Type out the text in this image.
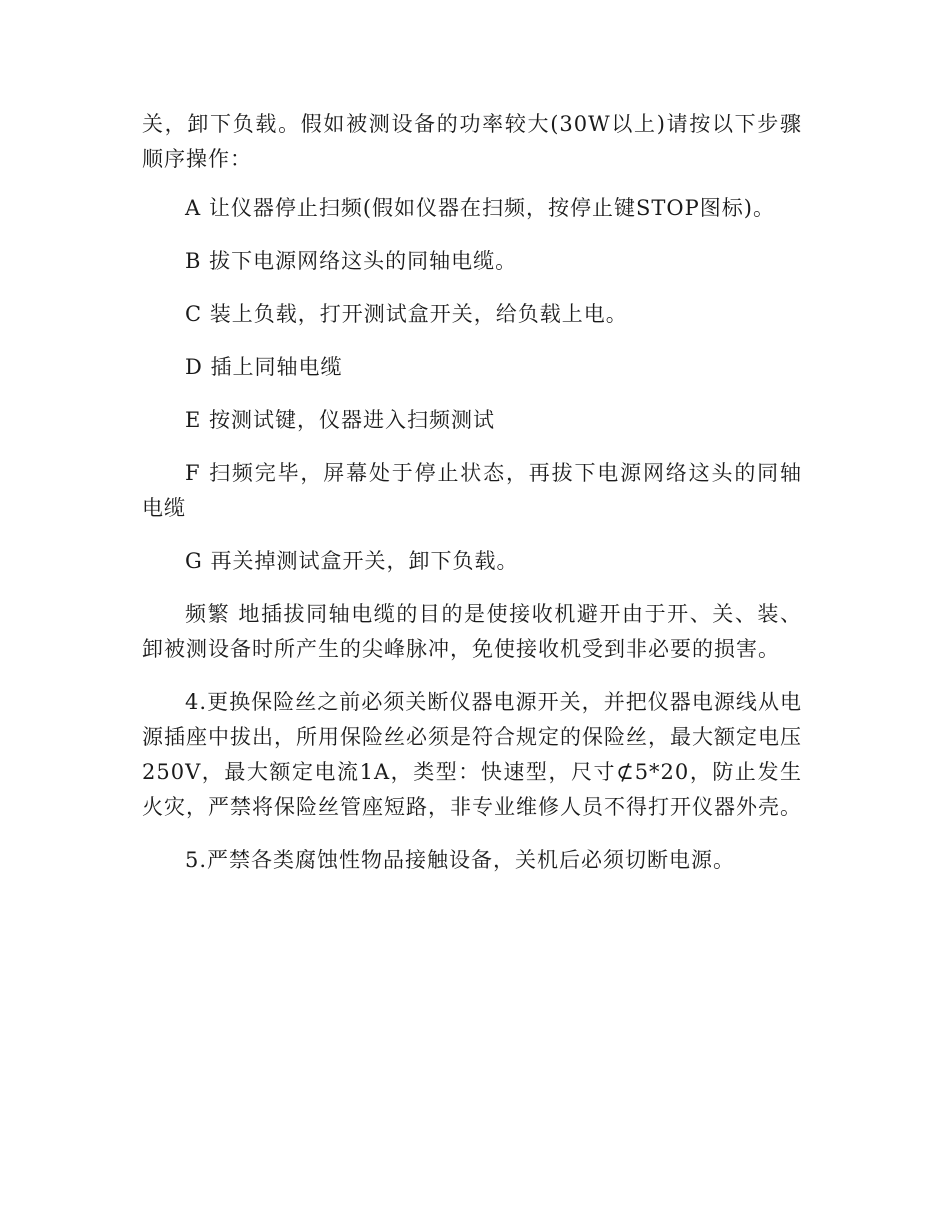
关，卸下负载。假如被测设备的功率较大(30W以上)请按以下步骤顺序操作：

A 让仪器停止扫频(假如仪器在扫频，按停止键STOP图标)。

B 拔下电源网络这头的同轴电缆。

C 装上负载，打开测试盒开关，给负载上电。

D 插上同轴电缆

E 按测试键，仪器进入扫频测试

F 扫频完毕，屏幕处于停止状态，再拔下电源网络这头的同轴电缆

G 再关掉测试盒开关，卸下负载。

频繁 地插拔同轴电缆的目的是使接收机避开由于开、关、装、卸被测设备时所产生的尖峰脉冲，免使接收机受到非必要的损害。

4.更换保险丝之前必须关断仪器电源开关，并把仪器电源线从电源插座中拔出，所用保险丝必须是符合规定的保险丝，最大额定电压250V，最大额定电流1A，类型：快速型，尺寸⊄5*20，防止发生火灾，严禁将保险丝管座短路，非专业维修人员不得打开仪器外壳。

5.严禁各类腐蚀性物品接触设备，关机后必须切断电源。
